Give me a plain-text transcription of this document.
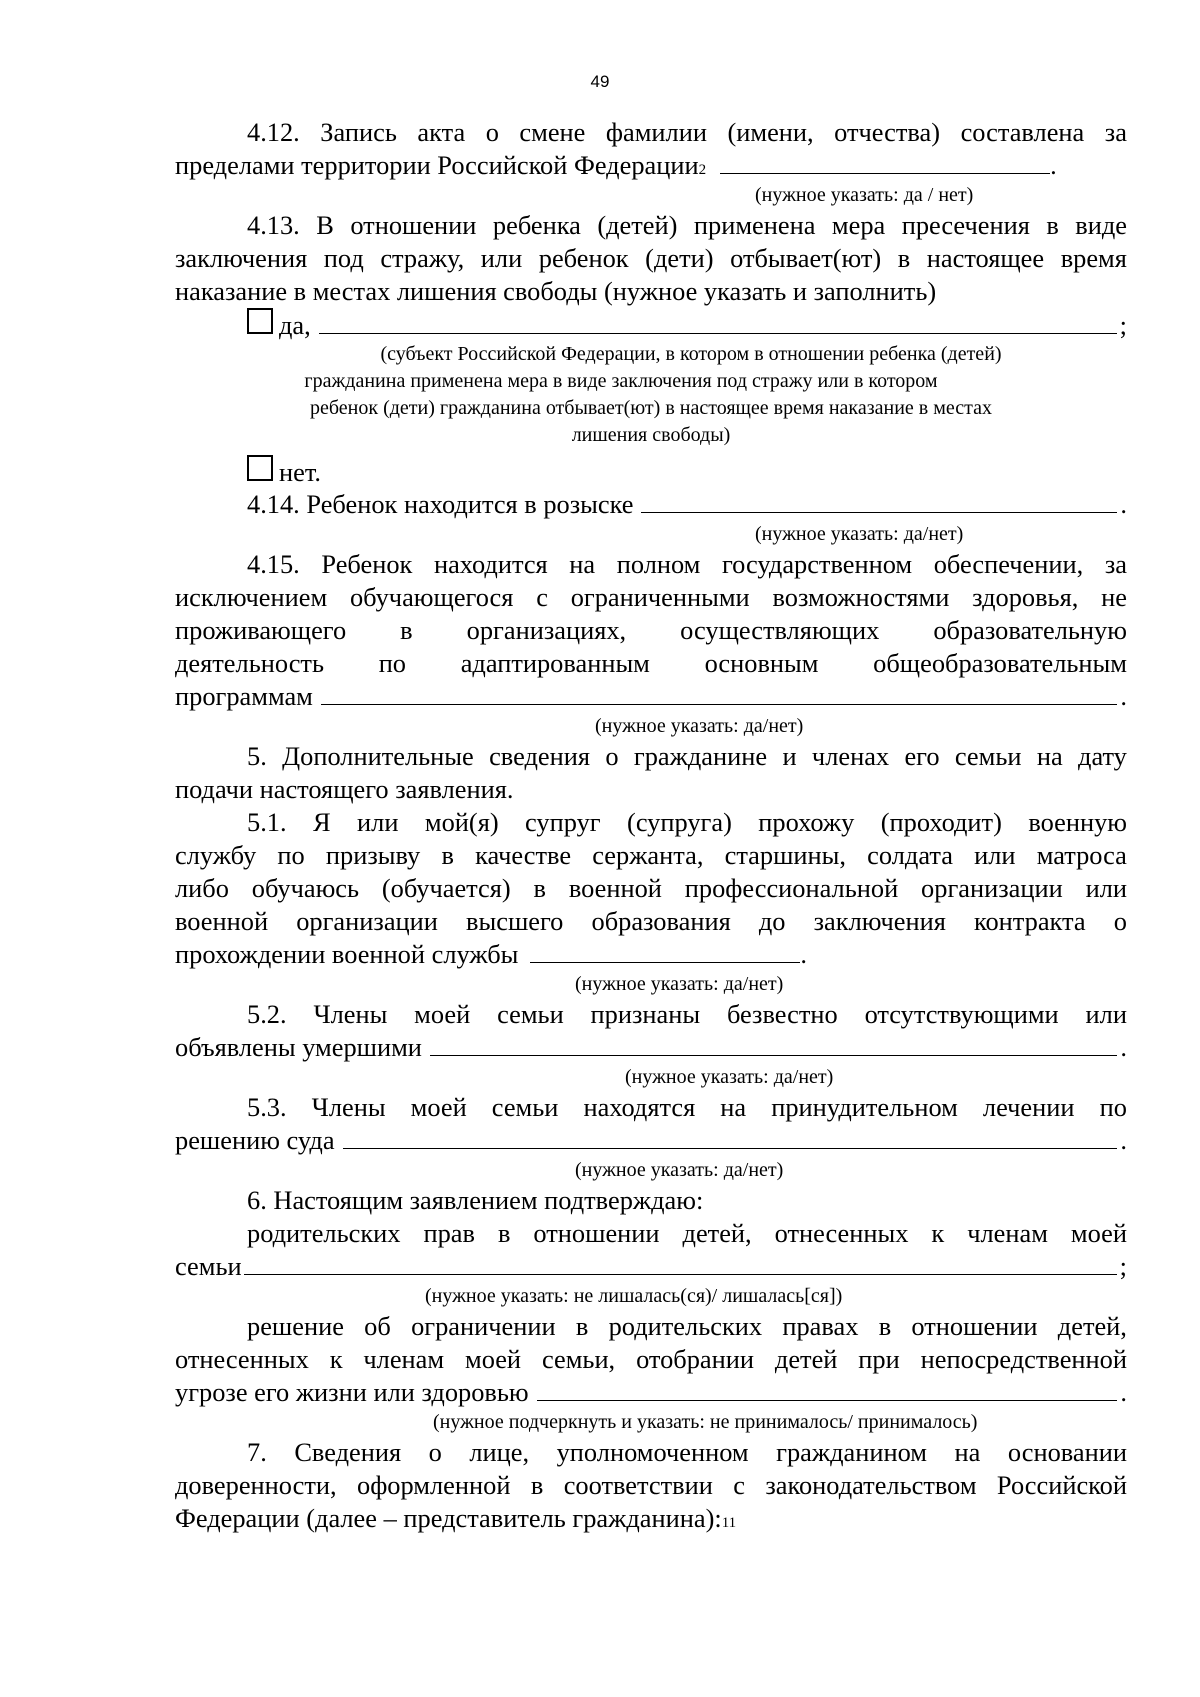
49
4.12. Запись акта о смене фамилии (имени, отчества) составлена за
пределами территории Российской Федерации 2	.
(нужное указать: да / нет)
4.13. В отношении ребенка (детей) применена мера пресечения в виде
заключения под стражу, или ребенок (дети) отбывает(ют) в настоящее время
наказание в местах лишения свободы (нужное указать и заполнить)
да,	;
(субъект Российской Федерации, в котором в отношении ребенка (детей)
гражданина применена мера в виде заключения под стражу или в котором
ребенок (дети) гражданина отбывает(ют) в настоящее время наказание в местах
лишения свободы)
нет.
4.14. Ребенок находится в розыске	.
(нужное указать: да/нет)
4.15. Ребенок находится на полном государственном обеспечении, за
исключением обучающегося с ограниченными возможностями здоровья, не
проживающего в организациях, осуществляющих образовательную
деятельность по адаптированным основным общеобразовательным
программам	.
(нужное указать: да/нет)
5. Дополнительные сведения о гражданине и членах его семьи на дату
подачи настоящего заявления.
5.1. Я или мой(я) супруг (супруга) прохожу (проходит) военную
службу по призыву в качестве сержанта, старшины, солдата или матроса
либо обучаюсь (обучается) в военной профессиональной организации или
военной организации высшего образования до заключения контракта о
прохождении военной службы	.
(нужное указать: да/нет)
5.2. Члены моей семьи признаны безвестно отсутствующими или
объявлены умершими	.
(нужное указать: да/нет)
5.3. Члены моей семьи находятся на принудительном лечении по
решению суда	.
(нужное указать: да/нет)
6. Настоящим заявлением подтверждаю:
родительских прав в отношении детей, отнесенных к членам моей
семьи	;
(нужное указать: не лишалась(ся)/ лишалась[ся])
решение об ограничении в родительских правах в отношении детей,
отнесенных к членам моей семьи, отобрании детей при непосредственной
угрозе его жизни или здоровью	.
(нужное подчеркнуть и указать: не принималось/ принималось)
7. Сведения о лице, уполномоченном гражданином на основании
доверенности, оформленной в соответствии с законодательством Российской
Федерации (далее – представитель гражданина): 11
